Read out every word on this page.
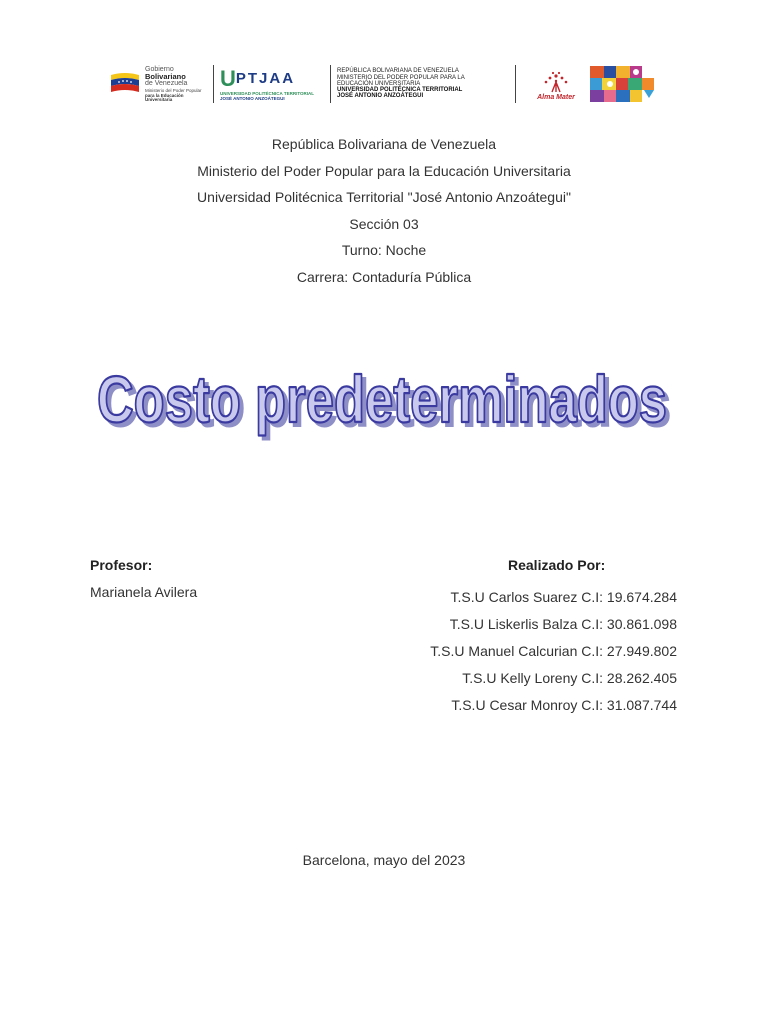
Gobierno
Bolivariano
de Venezuela
Ministerio del Poder Popular
para la Educación Universitaria
U PTJAA
UNIVERSIDAD POLITÉCNICA TERRITORIAL
JOSÉ ANTONIO ANZOÁTEGUI
REPÚBLICA BOLIVARIANA DE VENEZUELA
MINISTERIO DEL PODER POPULAR PARA LA
EDUCACIÓN UNIVERSITARIA
UNIVERSIDAD POLITÉCNICA TERRITORIAL
JOSÉ ANTONIO ANZOÁTEGUI	Alma Mater
República Bolivariana de Venezuela
Ministerio del Poder Popular para la Educación Universitaria
Universidad Politécnica Territorial "José Antonio Anzoátegui"
Sección 03
Turno: Noche
Carrera: Contaduría Pública
Costo predeterminados
Costo predeterminados
Profesor:
Marianela Avilera
Realizado Por:
T.S.U Carlos Suarez C.I: 19.674.284
T.S.U Liskerlis Balza C.I: 30.861.098
T.S.U Manuel Calcurian C.I: 27.949.802
T.S.U Kelly Loreny C.I: 28.262.405
T.S.U Cesar Monroy C.I: 31.087.744
Barcelona, mayo del 2023
